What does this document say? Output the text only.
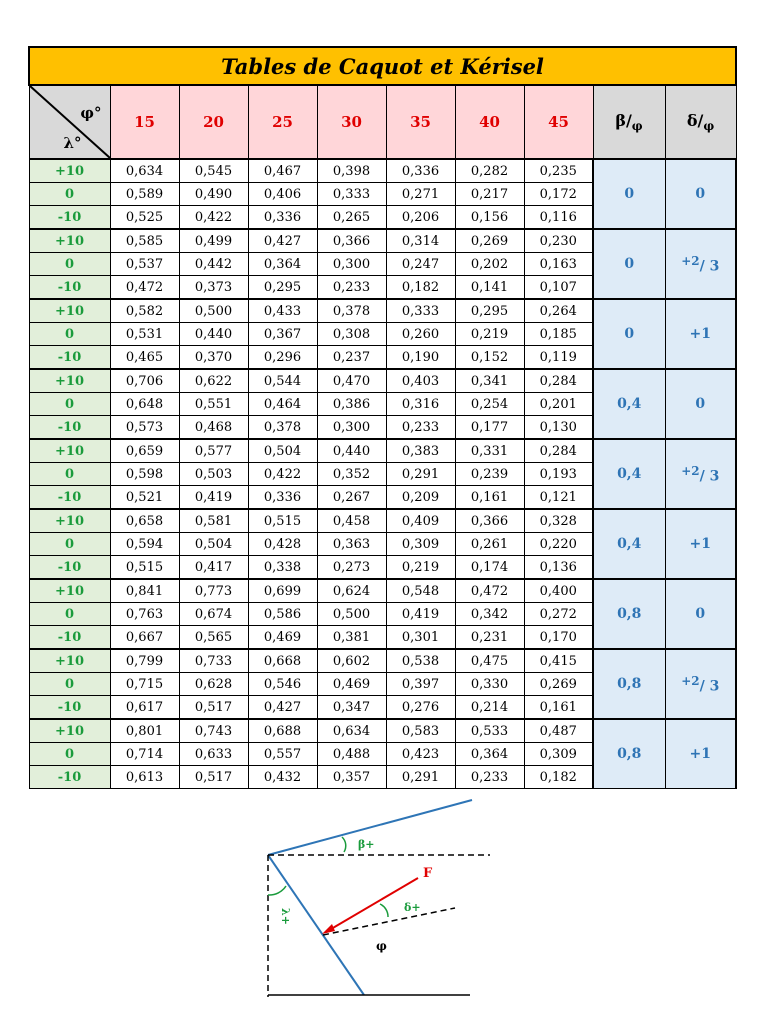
Tables de Caquot et Kérisel									

φ°
λ°	15	20	25	30	35	40	45	$\beta/_\varphi$	$\delta/_\varphi$
+10	0,634	0,545	0,467	0,398	0,336	0,282	0,235	0	0
0	0,589	0,490	0,406	0,333	0,271	0,217	0,172		
-10	0,525	0,422	0,336	0,265	0,206	0,156	0,116		
+10	0,585	0,499	0,427	0,366	0,314	0,269	0,230	0	$^{+2}$/ 3
0	0,537	0,442	0,364	0,300	0,247	0,202	0,163		
-10	0,472	0,373	0,295	0,233	0,182	0,141	0,107		
+10	0,582	0,500	0,433	0,378	0,333	0,295	0,264	0	+1
0	0,531	0,440	0,367	0,308	0,260	0,219	0,185		
-10	0,465	0,370	0,296	0,237	0,190	0,152	0,119		
+10	0,706	0,622	0,544	0,470	0,403	0,341	0,284	0,4	0
0	0,648	0,551	0,464	0,386	0,316	0,254	0,201		
-10	0,573	0,468	0,378	0,300	0,233	0,177	0,130		
+10	0,659	0,577	0,504	0,440	0,383	0,331	0,284	0,4	$^{+2}$/ 3
0	0,598	0,503	0,422	0,352	0,291	0,239	0,193		
-10	0,521	0,419	0,336	0,267	0,209	0,161	0,121		
+10	0,658	0,581	0,515	0,458	0,409	0,366	0,328	0,4	+1
0	0,594	0,504	0,428	0,363	0,309	0,261	0,220		
-10	0,515	0,417	0,338	0,273	0,219	0,174	0,136		
+10	0,841	0,773	0,699	0,624	0,548	0,472	0,400	0,8	0
0	0,763	0,674	0,586	0,500	0,419	0,342	0,272		
-10	0,667	0,565	0,469	0,381	0,301	0,231	0,170		
+10	0,799	0,733	0,668	0,602	0,538	0,475	0,415	0,8	$^{+2}$/ 3
0	0,715	0,628	0,546	0,469	0,397	0,330	0,269		
-10	0,617	0,517	0,427	0,347	0,276	0,214	0,161		
+10	0,801	0,743	0,688	0,634	0,583	0,533	0,487	0,8	+1
0	0,714	0,633	0,557	0,488	0,423	0,364	0,309		
-10	0,613	0,517	0,432	0,357	0,291	0,233	0,182		
β+
λ+
δ+
F
φ
